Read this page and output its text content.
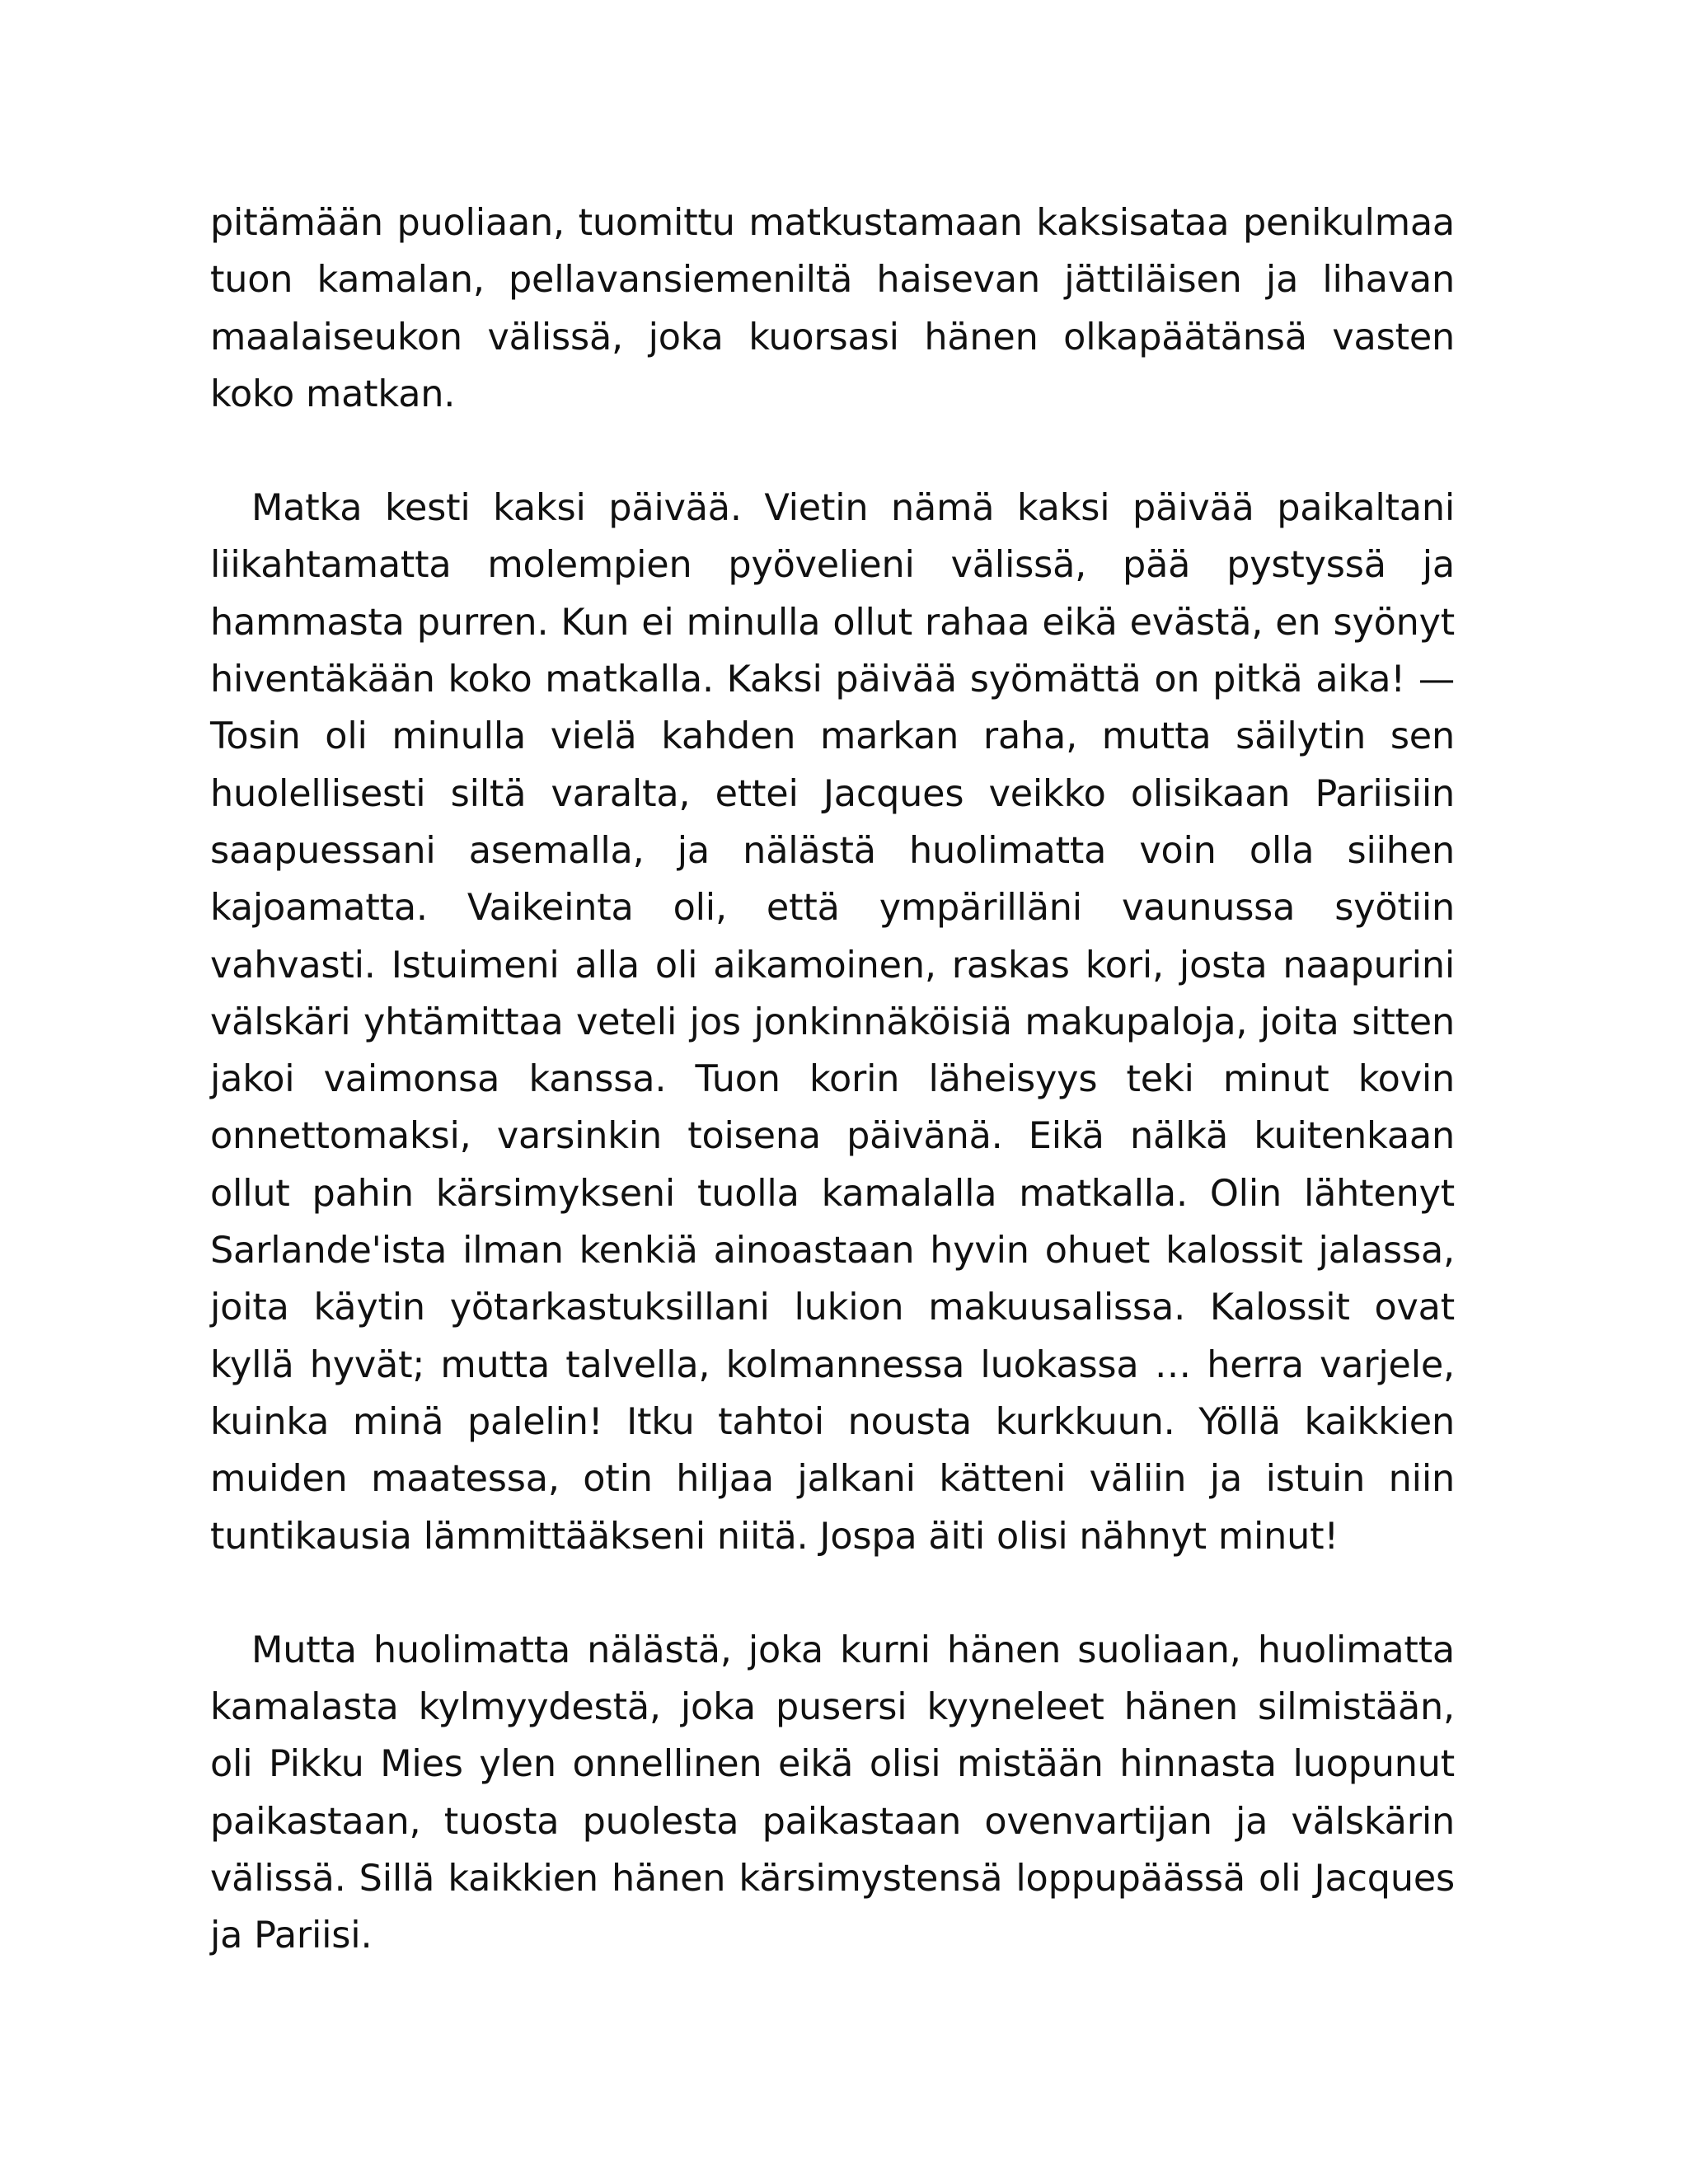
pitämään puoliaan, tuomittu matkustamaan kaksisataa penikulmaa tuon kamalan, pellavansiemeniltä haisevan jättiläisen ja lihavan maalaiseukon välissä, joka kuorsasi hänen olkapäätänsä vasten koko matkan.

Matka kesti kaksi päivää. Vietin nämä kaksi päivää paikaltani liikahtamatta molempien pyövelieni välissä, pää pystyssä ja hammasta purren. Kun ei minulla ollut rahaa eikä evästä, en syönyt hiventäkään koko matkalla. Kaksi päivää syömättä on pitkä aika! — Tosin oli minulla vielä kahden markan raha, mutta säilytin sen huolellisesti siltä varalta, ettei Jacques veikko olisikaan Pariisiin saapuessani asemalla, ja nälästä huolimatta voin olla siihen kajoamatta. Vaikeinta oli, että ympärilläni vaunussa syötiin vahvasti. Istuimeni alla oli aikamoinen, raskas kori, josta naapurini välskäri yhtämittaa veteli jos jonkinnäköisiä makupaloja, joita sitten jakoi vaimonsa kanssa. Tuon korin läheisyys teki minut kovin onnettomaksi, varsinkin toisena päivänä. Eikä nälkä kuitenkaan ollut pahin kärsimykseni tuolla kamalalla matkalla. Olin lähtenyt Sarlande'ista ilman kenkiä ainoastaan hyvin ohuet kalossit jalassa, joita käytin yötarkastuksillani lukion makuusalissa. Kalossit ovat kyllä hyvät; mutta talvella, kolmannessa luokassa … herra varjele, kuinka minä palelin! Itku tahtoi nousta kurkkuun. Yöllä kaikkien muiden maatessa, otin hiljaa jalkani kätteni väliin ja istuin niin tuntikausia lämmittääkseni niitä. Jospa äiti olisi nähnyt minut!

Mutta huolimatta nälästä, joka kurni hänen suoliaan, huolimatta kamalasta kylmyydestä, joka pusersi kyyneleet hänen silmistään, oli Pikku Mies ylen onnellinen eikä olisi mistään hinnasta luopunut paikastaan, tuosta puolesta paikastaan ovenvartijan ja välskärin välissä. Sillä kaikkien hänen kärsimystensä loppupäässä oli Jacques ja Pariisi.
